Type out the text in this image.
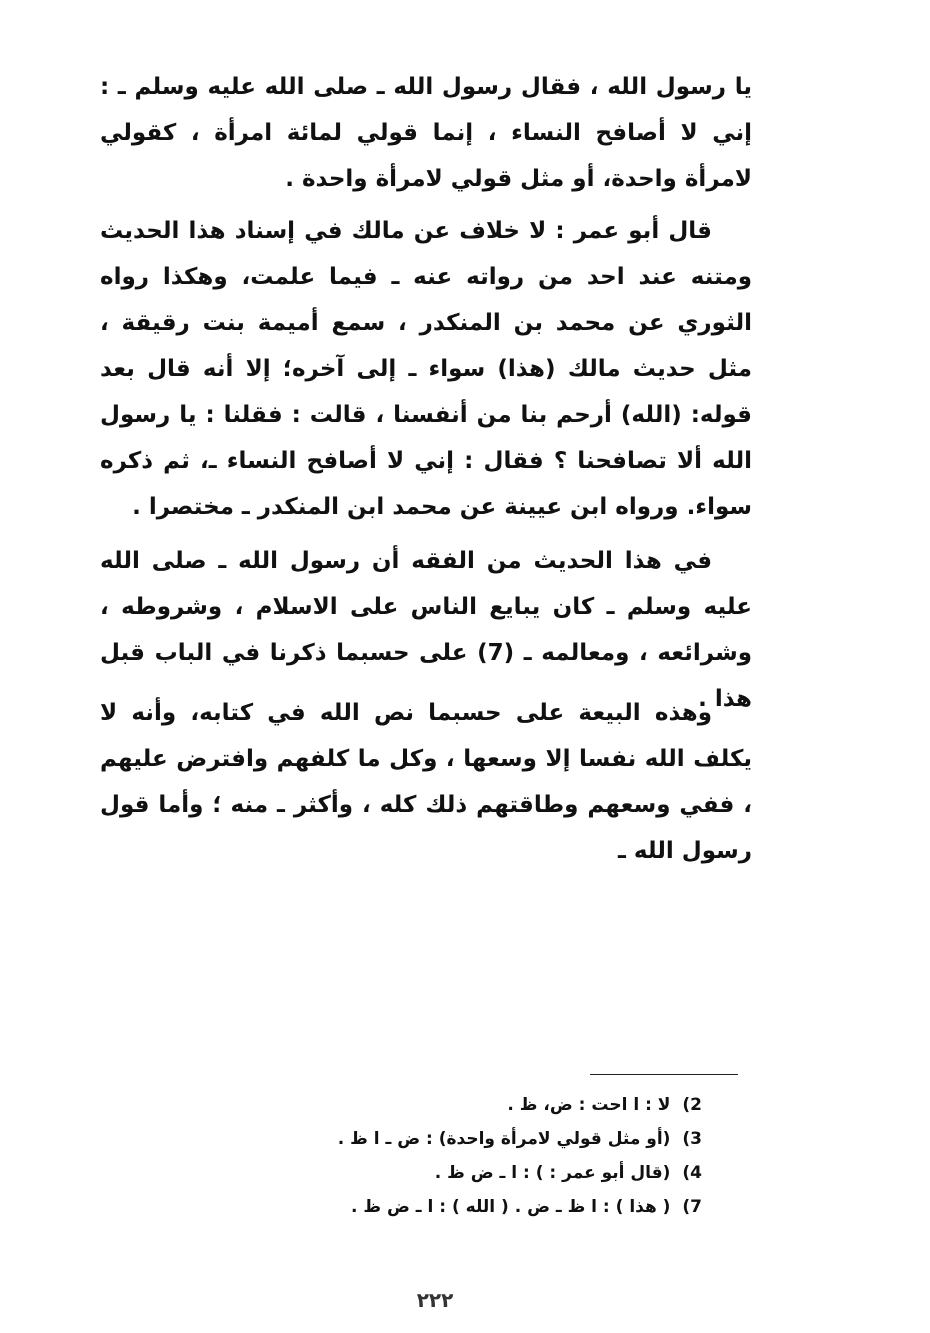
يا رسول الله ، فقال رسول الله ـ صلى الله عليه وسلم ـ : إني لا أصافح النساء ، إنما قولي لمائة امرأة ، كقولي لامرأة واحدة، أو مثل قولي لامرأة واحدة .

قال أبو عمر : لا خلاف عن مالك في إسناد هذا الحديث ومتنه عند احد من رواته عنه ـ فيما علمت، وهكذا رواه الثوري عن محمد بن المنكدر ، سمع أميمة بنت رقيقة ، مثل حديث مالك (هذا) سواء ـ إلى آخره؛ إلا أنه قال بعد قوله: (الله) أرحم بنا من أنفسنا ، قالت : فقلنا : يا رسول الله ألا تصافحنا ؟ فقال : إني لا أصافح النساء ـ، ثم ذكره سواء. ورواه ابن عيينة عن محمد ابن المنكدر ـ مختصرا .

في هذا الحديث من الفقه أن رسول الله ـ صلى الله عليه وسلم ـ كان يبايع الناس على الاسلام ، وشروطه ، وشرائعه ، ومعالمه ـ (7) على حسبما ذكرنا في الباب قبل هذا .

وهذه البيعة على حسبما نص الله في كتابه، وأنه لا يكلف الله نفسا إلا وسعها ، وكل ما كلفهم وافترض عليهم ، ففي وسعهم وطاقتهم ذلك كله ، وأكثر ـ منه ؛ وأما قول رسول الله ـ

2) لا : ا احت : ض، ظ .
3) (أو مثل قولي لامرأة واحدة) : ض ـ ا ظ .
4) (قال أبو عمر : ) : ا ـ ض ظ .
7) ( هذا ) : ا ظ ـ ض . ( الله ) : ا ـ ض ظ .
٢٢٢
